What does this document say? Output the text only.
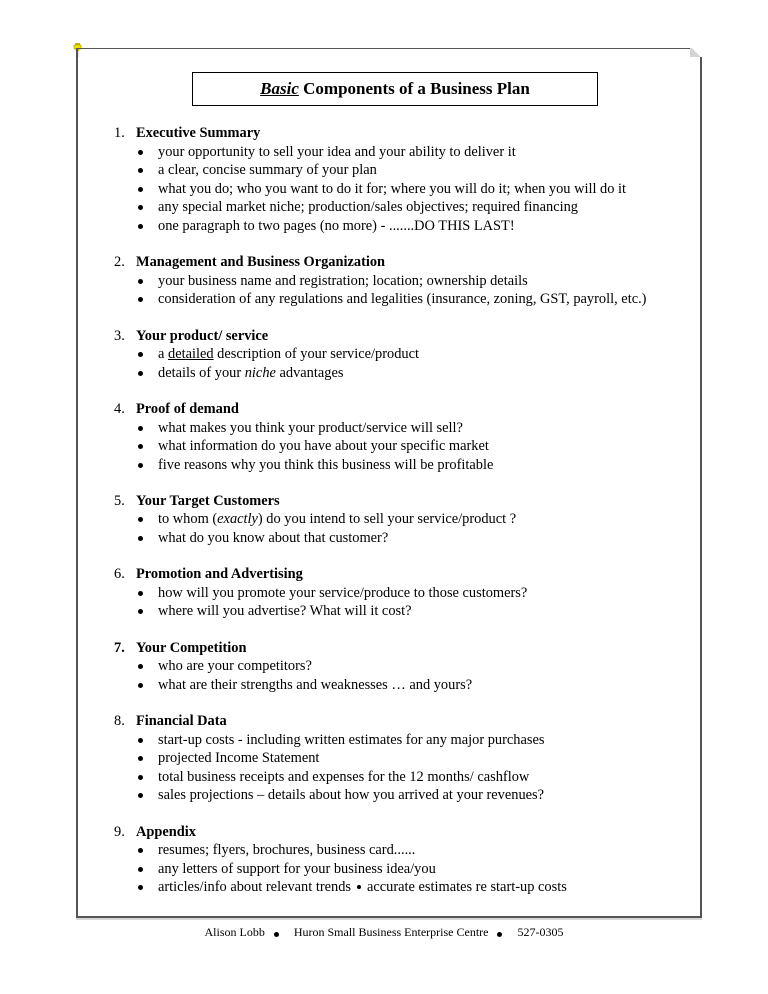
Basic Components of a Business Plan
1. Executive Summary
your opportunity to sell your idea and your ability to deliver it
a clear, concise summary of your plan
what you do; who you want to do it for; where you will do it; when you will do it
any special market niche; production/sales objectives; required financing
one paragraph to two pages (no more) - .......DO THIS LAST!
2. Management and Business Organization
your business name and registration; location; ownership details
consideration of any regulations and legalities (insurance, zoning, GST, payroll, etc.)
3. Your product/ service
a detailed description of your service/product
details of your niche advantages
4. Proof of demand
what makes you think your product/service will sell?
what information do you have about your specific market
five reasons why you think this business will be profitable
5. Your Target Customers
to whom (exactly) do you intend to sell your service/product ?
what do you know about that customer?
6. Promotion and Advertising
how will you promote your service/produce to those customers?
where will you advertise? What will it cost?
7. Your Competition
who are your competitors?
what are their strengths and weaknesses … and yours?
8. Financial Data
start-up costs - including written estimates for any major purchases
projected Income Statement
total business receipts and expenses for the 12 months/ cashflow
sales projections – details about how you arrived at your revenues?
9. Appendix
resumes; flyers, brochures, business card......
any letters of support for your business idea/you
articles/info about relevant trends accurate estimates re start-up costs
Alison Lobb Huron Small Business Enterprise Centre 527-0305
